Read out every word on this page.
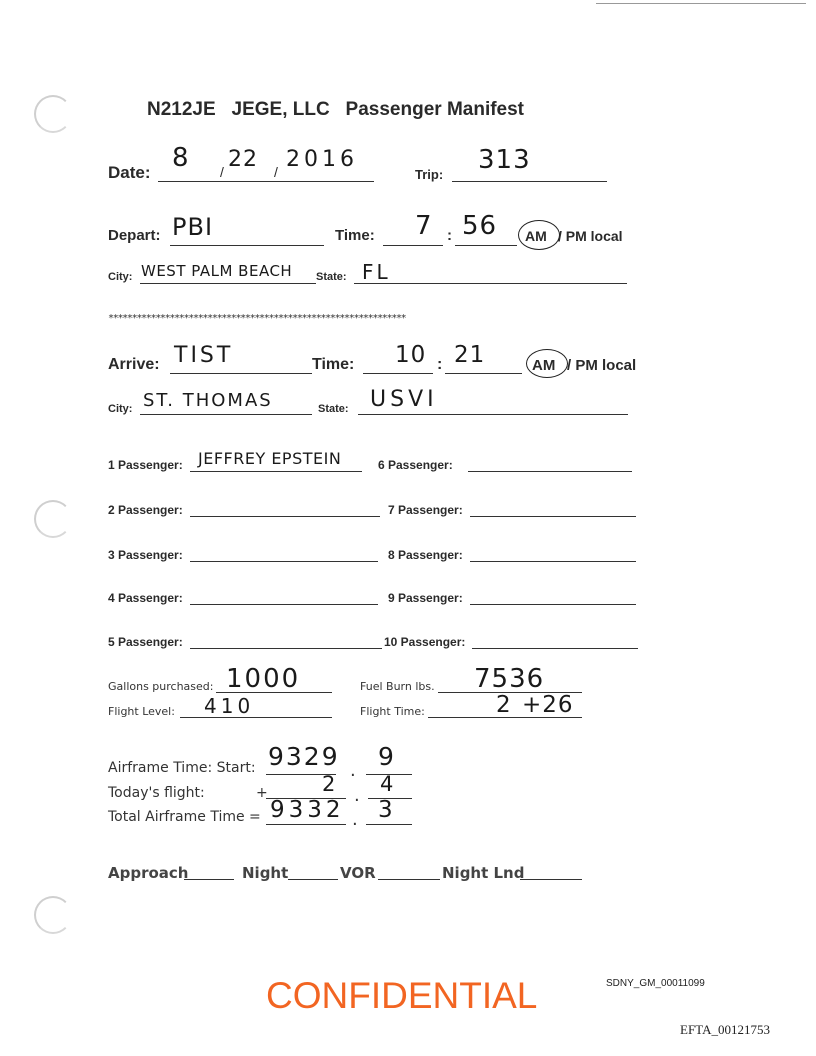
N212JE JEGE, LLC Passenger Manifest
Date:	/	/
8 22 2016
Trip: 313
Depart: PBI	Time:	:
7 56 AM / PM local
City: WEST PALM BEACH State: FL
***************************************************************
Arrive: TIST	Time:	:
10 21	AM / PM local
City: ST. THOMAS	State: USVI
1 Passenger: JEFFREY EPSTEIN	6 Passenger:
2 Passenger:	7 Passenger:
3 Passenger:	8 Passenger:
4 Passenger:	9 Passenger:
5 Passenger:	10 Passenger:
Gallons purchased: 1000	Fuel Burn lbs. 7536
Flight Level: 410	Flight Time:	2 +26
Airframe Time: Start: 9329 . 9
Today's flight:	+	2 . 4
Total Airframe Time = 9332 . 3
Approach	Night	VOR	Night Lnd
CONFIDENTIAL	SDNY_GM_00011099
EFTA_00121753
